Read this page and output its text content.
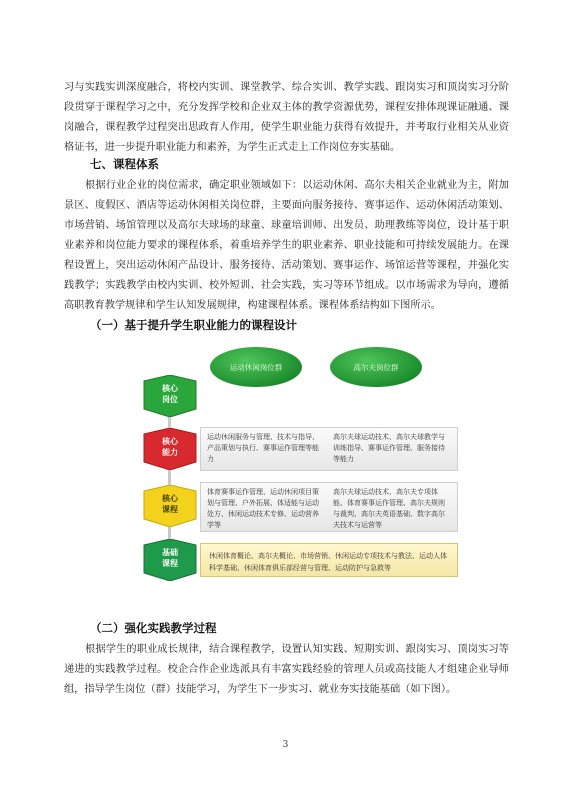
习与实践实训深度融合，将校内实训、课堂教学、综合实训、教学实践、跟岗实习和顶岗实习分阶段贯穿于课程学习之中，充分发挥学校和企业双主体的教学资源优势，课程安排体现课证融通、课岗融合，课程教学过程突出思政育人作用，使学生职业能力获得有效提升，并考取行业相关从业资格证书，进一步提升职业能力和素养，为学生正式走上工作岗位夯实基础。

七、课程体系

根据行业企业的岗位需求，确定职业领域如下：以运动休闲、高尔夫相关企业就业为主，附加景区、度假区、酒店等运动休闲相关岗位群，主要面向服务接待、赛事运作、运动休闲活动策划、市场营销、场馆管理以及高尔夫球场的球童、球童培训师、出发员、助理教练等岗位，设计基于职业素养和岗位能力要求的课程体系，着重培养学生的职业素养、职业技能和可持续发展能力。在课程设置上，突出运动休闲产品设计、服务接待、活动策划、赛事运作、场馆运营等课程，并强化实践教学；实践教学由校内实训、校外短训、社会实践，实习等环节组成。以市场需求为导向，遵循高职教育教学规律和学生认知发展规律，构建课程体系。课程体系结构如下图所示。

（一）基于提升学生职业能力的课程设计
运动休闲岗位群	高尔夫岗位群
核心
岗位
运动休闲服务与管理、技术与指导、产品策划与执行、赛事运作管理等能力
高尔夫球运动技术、高尔夫球教学与训练指导、赛事运作管理、服务接待等能力
核心
能力
体育赛事运作管理、运动休闲项目策划与管理、户外拓展、体适能与运动处方、休闲运动技术专修、运动营养学等
高尔夫球运动技术、高尔夫专项体能、体育赛事运作管理、高尔夫规则与裁判、高尔夫英语基础、数字高尔夫技术与运营等
核心
课程
休闲体育概论、高尔夫概论、市场营销、休闲运动专项技术与教法、运动人体科学基础、休闲体育俱乐部经营与管理、运动防护与急救等
基础
课程
（二）强化实践教学过程

根据学生的职业成长规律，结合课程教学，设置认知实践、短期实训、跟岗实习、顶岗实习等递进的实践教学过程。校企合作企业选派具有丰富实践经验的管理人员或高技能人才组建企业导师组，指导学生岗位（群）技能学习，为学生下一步实习、就业夯实技能基础（如下图）。

3
